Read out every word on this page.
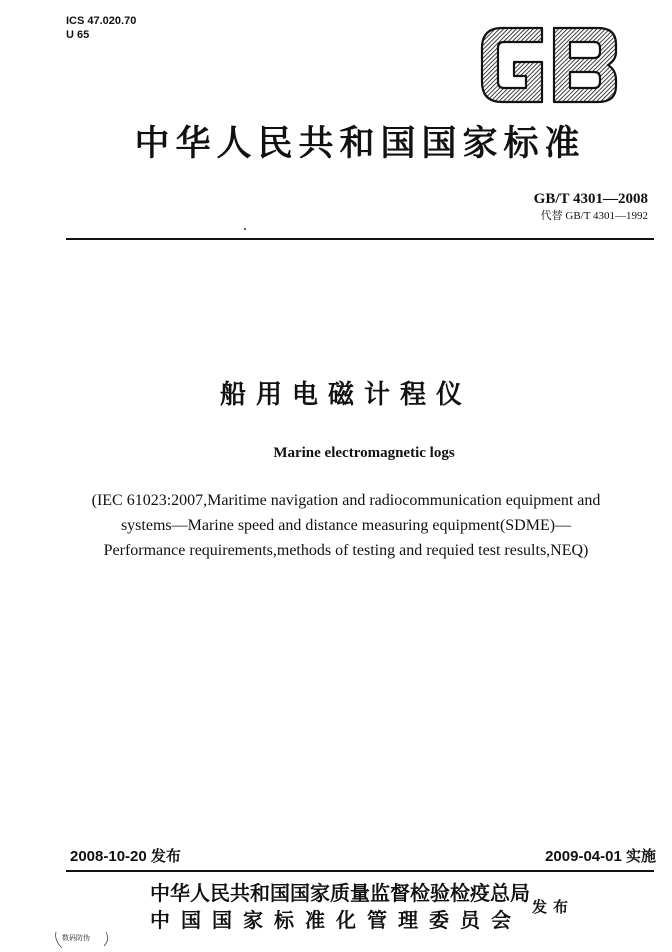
ICS 47.020.70
U 65
GB
中华人民共和国国家标准
GB/T 4301—2008
代替 GB/T 4301—1992
船用电磁计程仪
Marine electromagnetic logs
(IEC 61023:2007,Maritime navigation and radiocommunication equipment and
systems—Marine speed and distance measuring equipment(SDME)—
Performance requirements,methods of testing and requied test results,NEQ)
2008-10-20 发布	2009-04-01 实施
中华人民共和国国家质量监督检验检疫总局
中国国家标准化管理委员会
发布
数码防伪
